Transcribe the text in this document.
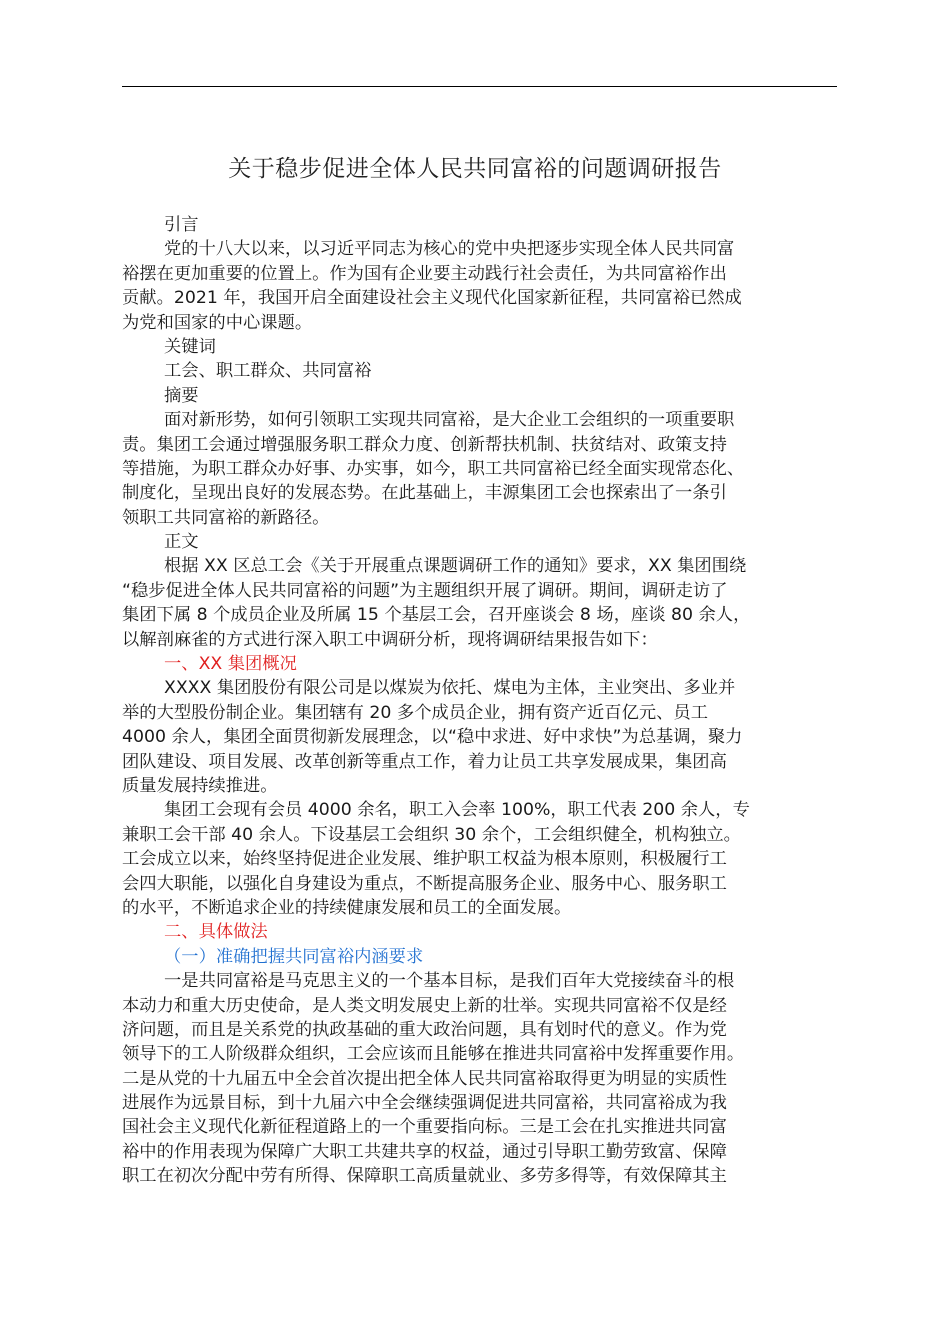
关于稳步促进全体人民共同富裕的问题调研报告
引言
党的十八大以来，以习近平同志为核心的党中央把逐步实现全体人民共同富
裕摆在更加重要的位置上。作为国有企业要主动践行社会责任，为共同富裕作出
贡献。2021 年，我国开启全面建设社会主义现代化国家新征程，共同富裕已然成
为党和国家的中心课题。
关键词
工会、职工群众、共同富裕
摘要
面对新形势，如何引领职工实现共同富裕，是大企业工会组织的一项重要职
责。集团工会通过增强服务职工群众力度、创新帮扶机制、扶贫结对、政策支持
等措施，为职工群众办好事、办实事，如今，职工共同富裕已经全面实现常态化、
制度化，呈现出良好的发展态势。在此基础上，丰源集团工会也探索出了一条引
领职工共同富裕的新路径。
正文
根据 XX 区总工会《关于开展重点课题调研工作的通知》要求，XX 集团围绕
“稳步促进全体人民共同富裕的问题”为主题组织开展了调研。期间，调研走访了
集团下属 8 个成员企业及所属 15 个基层工会，召开座谈会 8 场，座谈 80 余人，
以解剖麻雀的方式进行深入职工中调研分析，现将调研结果报告如下：
一、XX 集团概况
XXXX 集团股份有限公司是以煤炭为依托、煤电为主体，主业突出、多业并
举的大型股份制企业。集团辖有 20 多个成员企业，拥有资产近百亿元、员工
4000 余人，集团全面贯彻新发展理念，以“稳中求进、好中求快”为总基调，聚力
团队建设、项目发展、改革创新等重点工作，着力让员工共享发展成果，集团高
质量发展持续推进。
集团工会现有会员 4000 余名，职工入会率 100%，职工代表 200 余人，专
兼职工会干部 40 余人。下设基层工会组织 30 余个，工会组织健全，机构独立。
工会成立以来，始终坚持促进企业发展、维护职工权益为根本原则，积极履行工
会四大职能，以强化自身建设为重点，不断提高服务企业、服务中心、服务职工
的水平，不断追求企业的持续健康发展和员工的全面发展。
二、具体做法
（一）准确把握共同富裕内涵要求
一是共同富裕是马克思主义的一个基本目标，是我们百年大党接续奋斗的根
本动力和重大历史使命，是人类文明发展史上新的壮举。实现共同富裕不仅是经
济问题，而且是关系党的执政基础的重大政治问题，具有划时代的意义。作为党
领导下的工人阶级群众组织，工会应该而且能够在推进共同富裕中发挥重要作用。
二是从党的十九届五中全会首次提出把全体人民共同富裕取得更为明显的实质性
进展作为远景目标，到十九届六中全会继续强调促进共同富裕，共同富裕成为我
国社会主义现代化新征程道路上的一个重要指向标。三是工会在扎实推进共同富
裕中的作用表现为保障广大职工共建共享的权益，通过引导职工勤劳致富、保障
职工在初次分配中劳有所得、保障职工高质量就业、多劳多得等，有效保障其主
